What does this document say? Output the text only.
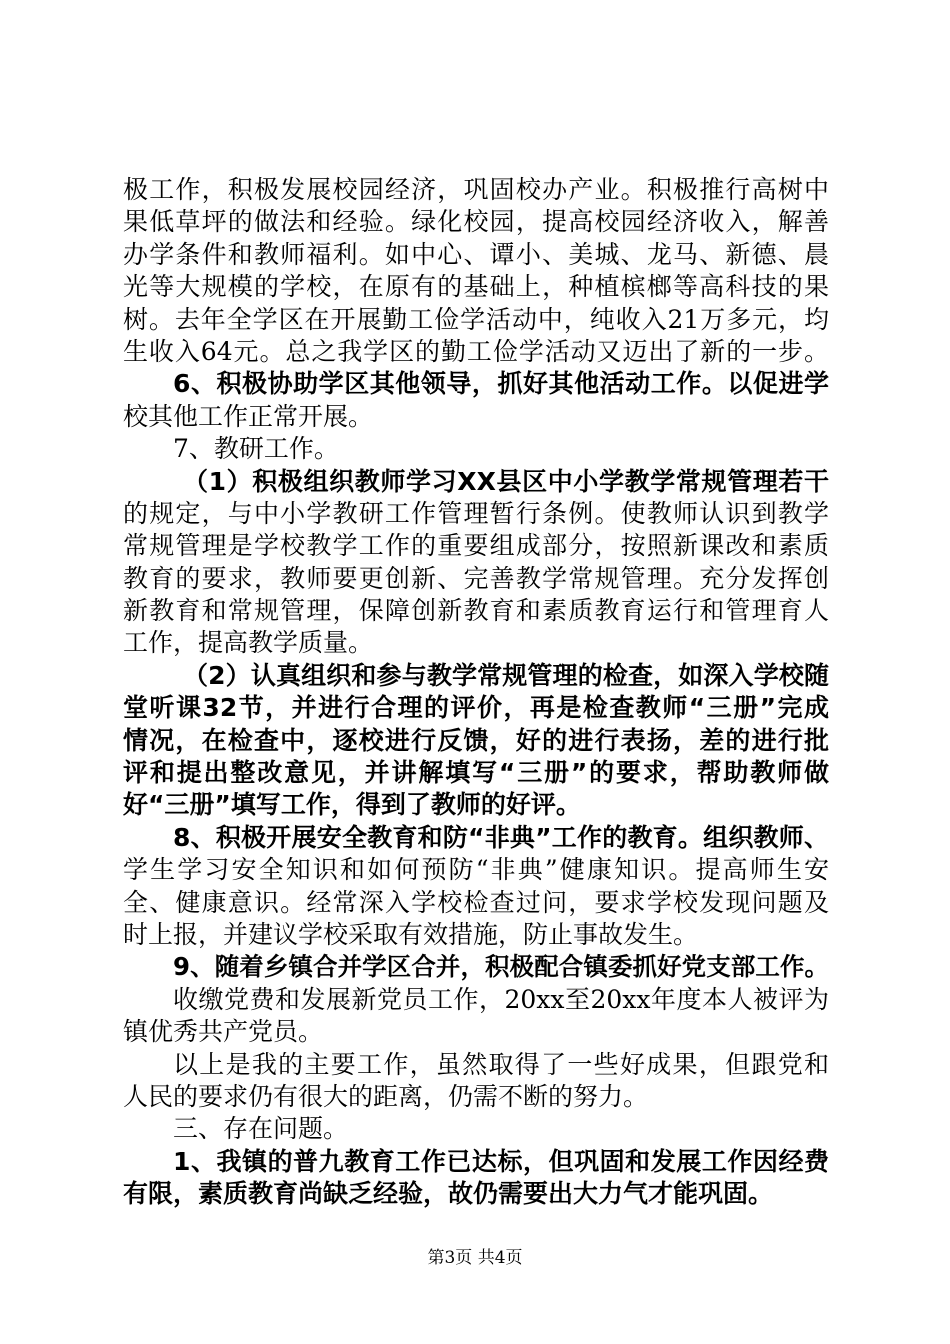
极工作，积极发展校园经济，巩固校办产业。积极推行高树中
果低草坪的做法和经验。绿化校园，提高校园经济收入，解善
办学条件和教师福利。如中心、谭小、美城、龙马、新德、晨
光等大规模的学校，在原有的基础上，种植槟榔等高科技的果
树。去年全学区在开展勤工俭学活动中，纯收入21万多元，均
生收入64元。总之我学区的勤工俭学活动又迈出了新的一步。
6、积极协助学区其他领导，抓好其他活动工作。以促进学
校其他工作正常开展。
7、教研工作。
（1）积极组织教师学习XX县区中小学教学常规管理若干
的规定，与中小学教研工作管理暂行条例。使教师认识到教学
常规管理是学校教学工作的重要组成部分，按照新课改和素质
教育的要求，教师要更创新、完善教学常规管理。充分发挥创
新教育和常规管理，保障创新教育和素质教育运行和管理育人
工作，提高教学质量。
（2）认真组织和参与教学常规管理的检查，如深入学校随
堂听课32节，并进行合理的评价，再是检查教师“三册”完成
情况，在检查中，逐校进行反馈，好的进行表扬，差的进行批
评和提出整改意见，并讲解填写“三册”的要求，帮助教师做
好“三册”填写工作，得到了教师的好评。
8、积极开展安全教育和防“非典”工作的教育。组织教师、
学生学习安全知识和如何预防“非典”健康知识。提高师生安
全、健康意识。经常深入学校检查过问，要求学校发现问题及
时上报，并建议学校采取有效措施，防止事故发生。
9、随着乡镇合并学区合并，积极配合镇委抓好党支部工作。
收缴党费和发展新党员工作，20xx至20xx年度本人被评为
镇优秀共产党员。
以上是我的主要工作，虽然取得了一些好成果，但跟党和
人民的要求仍有很大的距离，仍需不断的努力。
三、存在问题。
1、我镇的普九教育工作已达标，但巩固和发展工作因经费
有限，素质教育尚缺乏经验，故仍需要出大力气才能巩固。
第3页 共4页
